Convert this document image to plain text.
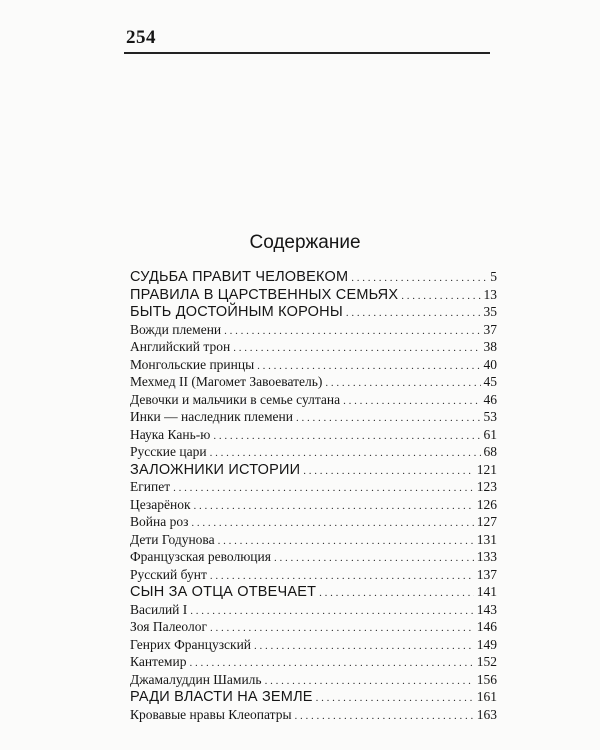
254
Содержание
СУДЬБА ПРАВИТ ЧЕЛОВЕКОМ . . .	5
ПРАВИЛА В ЦАРСТВЕННЫХ СЕМЬЯХ . . .	13
БЫТЬ ДОСТОЙНЫМ КОРОНЫ . . .	35
Вожди племени . . .	37
Английский трон . . .	38
Монгольские принцы . . .	40
Мехмед II (Магомет Завоеватель) . . .	45
Девочки и мальчики в семье султана . . .	46
Инки — наследник племени . . .	53
Наука Кань-ю . . .	61
Русские цари . . .	68
ЗАЛОЖНИКИ ИСТОРИИ . . .	121
Египет . . .	123
Цезарёнок . . .	126
Война роз . . .	127
Дети Годунова . . .	131
Французская революция . . .	133
Русский бунт . . .	137
СЫН ЗА ОТЦА ОТВЕЧАЕТ . . .	141
Василий I . . .	143
Зоя Палеолог . . .	146
Генрих Французский . . .	149
Кантемир . . .	152
Джамалуддин Шамиль . . .	156
РАДИ ВЛАСТИ НА ЗЕМЛЕ . . .	161
Кровавые нравы Клеопатры . . .	163
